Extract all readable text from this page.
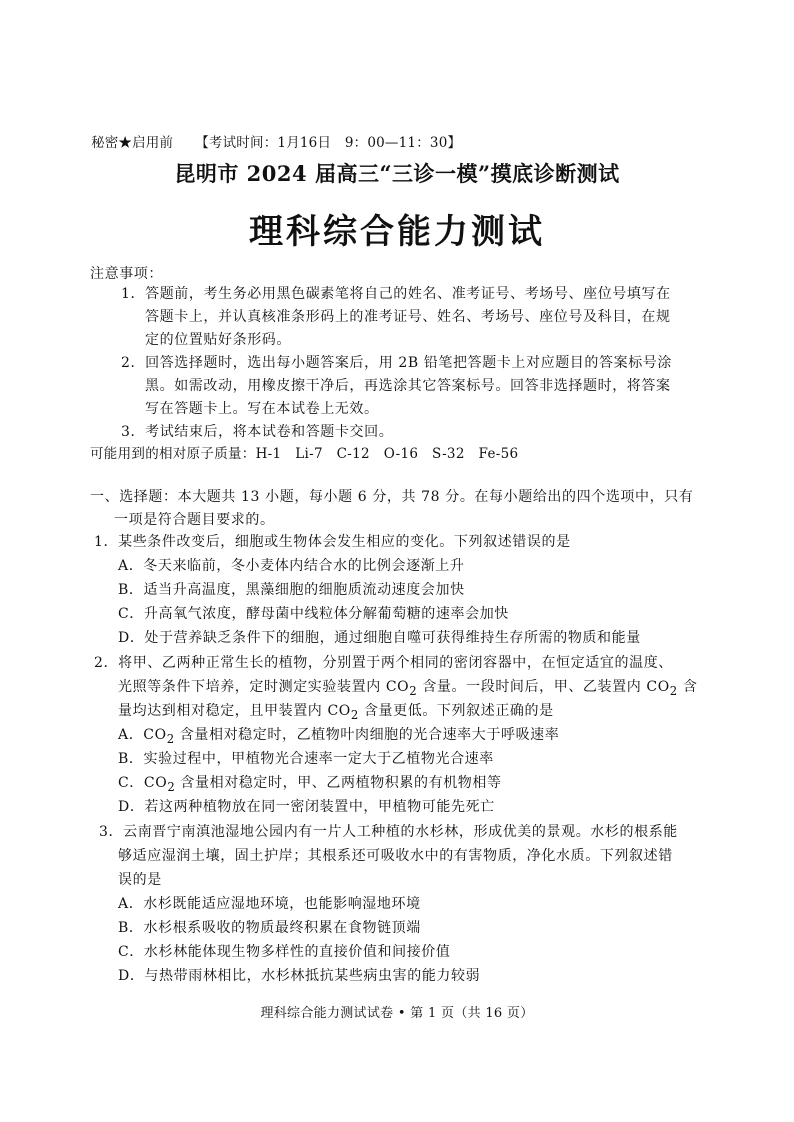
秘密★启用前 【考试时间：1月16日　9：00—11：30】
昆明市 2024 届高三“三诊一模”摸底诊断测试
理科综合能力测试
注意事项：
1．答题前，考生务必用黑色碳素笔将自己的姓名、准考证号、考场号、座位号填写在
答题卡上，并认真核准条形码上的准考证号、姓名、考场号、座位号及科目，在规
定的位置贴好条形码。
2．回答选择题时，选出每小题答案后，用 2B 铅笔把答题卡上对应题目的答案标号涂
黑。如需改动，用橡皮擦干净后，再选涂其它答案标号。回答非选择题时，将答案
写在答题卡上。写在本试卷上无效。
3．考试结束后，将本试卷和答题卡交回。
可能用到的相对原子质量：H-1　Li-7　C-12　O-16　S-32　Fe-56
一、选择题：本大题共 13 小题，每小题 6 分，共 78 分。在每小题给出的四个选项中，只有
一项是符合题目要求的。
1．某些条件改变后，细胞或生物体会发生相应的变化。下列叙述错误的是
A．冬天来临前，冬小麦体内结合水的比例会逐渐上升
B．适当升高温度，黑藻细胞的细胞质流动速度会加快
C．升高氧气浓度，酵母菌中线粒体分解葡萄糖的速率会加快
D．处于营养缺乏条件下的细胞，通过细胞自噬可获得维持生存所需的物质和能量
2．将甲、乙两种正常生长的植物，分别置于两个相同的密闭容器中，在恒定适宜的温度、
光照等条件下培养，定时测定实验装置内 $CO_2$ 含量。一段时间后，甲、乙装置内 $CO_2$ 含
量均达到相对稳定，且甲装置内 $CO_2$ 含量更低。下列叙述正确的是
A．$CO_2$ 含量相对稳定时，乙植物叶肉细胞的光合速率大于呼吸速率
B．实验过程中，甲植物光合速率一定大于乙植物光合速率
C．$CO_2$ 含量相对稳定时，甲、乙两植物积累的有机物相等
D．若这两种植物放在同一密闭装置中，甲植物可能先死亡
3．云南晋宁南滇池湿地公园内有一片人工种植的水杉林，形成优美的景观。水杉的根系能
够适应湿润土壤，固土护岸；其根系还可吸收水中的有害物质，净化水质。下列叙述错
误的是
A．水杉既能适应湿地环境，也能影响湿地环境
B．水杉根系吸收的物质最终积累在食物链顶端
C．水杉林能体现生物多样性的直接价值和间接价值
D．与热带雨林相比，水杉林抵抗某些病虫害的能力较弱
理科综合能力测试试卷 • 第 1 页（共 16 页）
